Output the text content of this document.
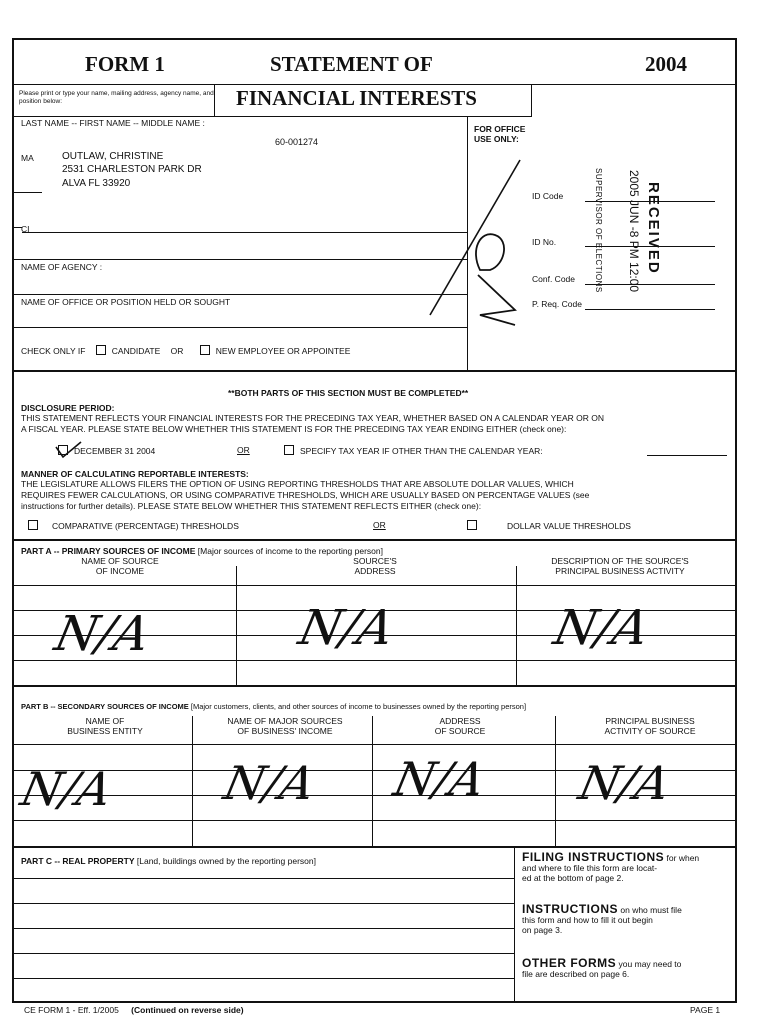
FORM 1	STATEMENT OF	2004
FINANCIAL INTERESTS
Please print or type your name, mailing address, agency name, and position below:
LAST NAME -- FIRST NAME -- MIDDLE NAME :
60-001274
MA	OUTLAW, CHRISTINE
2531 CHARLESTON PARK DR
ALVA FL 33920
CI
NAME OF AGENCY :
NAME OF OFFICE OR POSITION HELD OR SOUGHT
CHECK ONLY IF	CANDIDATE OR	NEW EMPLOYEE OR APPOINTEE
FOR OFFICE
USE ONLY:
ID Code
ID No.
Conf. Code
P. Req. Code
RECEIVED
2005 JUN -8 PM 12:00
SUPERVISOR OF ELECTIONS
**BOTH PARTS OF THIS SECTION MUST BE COMPLETED**
DISCLOSURE PERIOD:
THIS STATEMENT REFLECTS YOUR FINANCIAL INTERESTS FOR THE PRECEDING TAX YEAR, WHETHER BASED ON A CALENDAR YEAR OR ON
A FISCAL YEAR. PLEASE STATE BELOW WHETHER THIS STATEMENT IS FOR THE PRECEDING TAX YEAR ENDING EITHER (check one):
DECEMBER 31 2004	OR	SPECIFY TAX YEAR IF OTHER THAN THE CALENDAR YEAR:
MANNER OF CALCULATING REPORTABLE INTERESTS:
THE LEGISLATURE ALLOWS FILERS THE OPTION OF USING REPORTING THRESHOLDS THAT ARE ABSOLUTE DOLLAR VALUES, WHICH
REQUIRES FEWER CALCULATIONS, OR USING COMPARATIVE THRESHOLDS, WHICH ARE USUALLY BASED ON PERCENTAGE VALUES (see
instructions for further details). PLEASE STATE BELOW WHETHER THIS STATEMENT REFLECTS EITHER (check one):
COMPARATIVE (PERCENTAGE) THRESHOLDS	OR	DOLLAR VALUE THRESHOLDS
PART A -- PRIMARY SOURCES OF INCOME [Major sources of income to the reporting person]
NAME OF SOURCE
OF INCOME
SOURCE'S
ADDRESS
DESCRIPTION OF THE SOURCE'S
PRINCIPAL BUSINESS ACTIVITY
N/A	N/A	N/A
PART B -- SECONDARY SOURCES OF INCOME [Major customers, clients, and other sources of income to businesses owned by the reporting person]
NAME OF
BUSINESS ENTITY
NAME OF MAJOR SOURCES
OF BUSINESS' INCOME
ADDRESS
OF SOURCE
PRINCIPAL BUSINESS
ACTIVITY OF SOURCE
N/A N/A N/A N/A
PART C -- REAL PROPERTY [Land, buildings owned by the reporting person]	FILING INSTRUCTIONS for when
and where to file this form are locat-
ed at the bottom of page 2.
INSTRUCTIONS on who must file
this form and how to fill it out begin
on page 3.
OTHER FORMS you may need to
file are described on page 6.
CE FORM 1 - Eff. 1/2005 (Continued on reverse side)	PAGE 1
